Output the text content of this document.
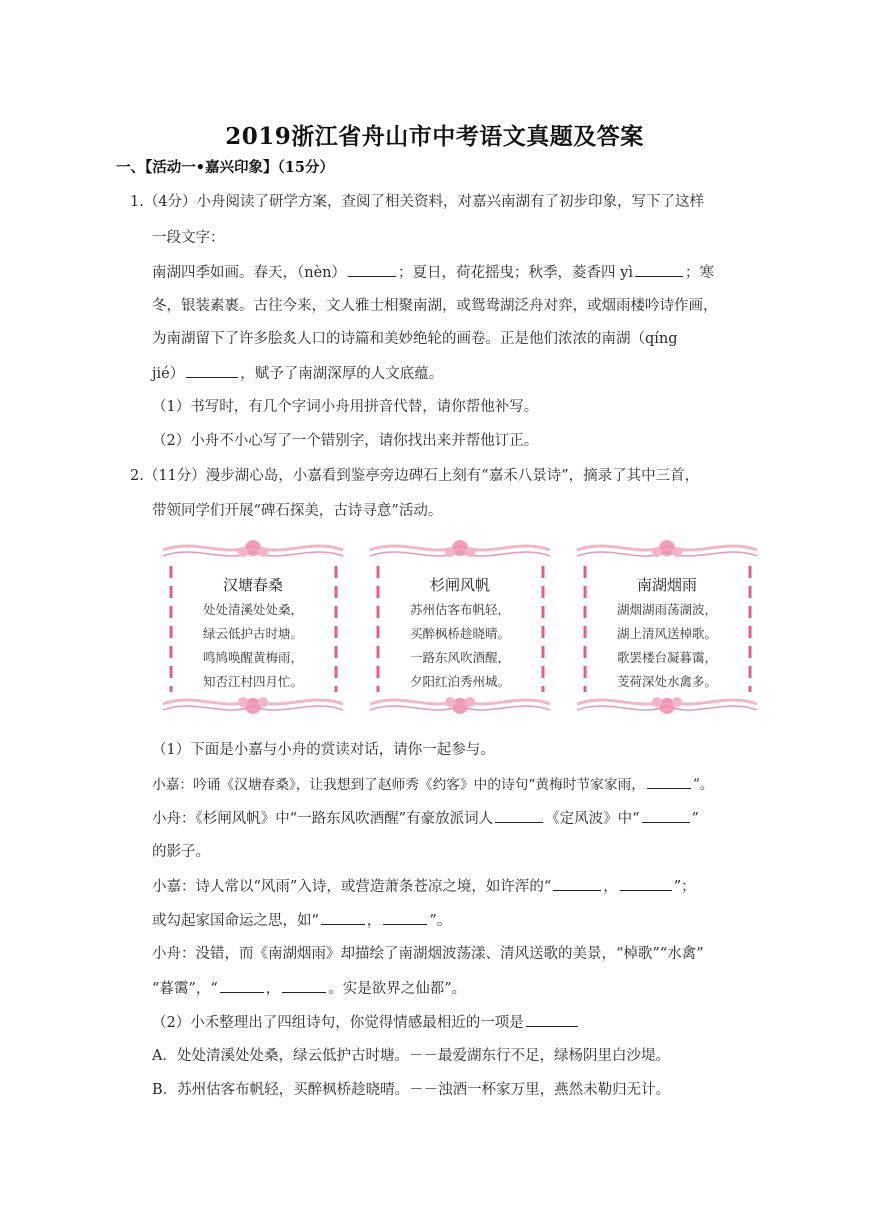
2019浙江省舟山市中考语文真题及答案
一、【活动一•嘉兴印象】（15分）
1.（4分）小舟阅读了研学方案，查阅了相关资料，对嘉兴南湖有了初步印象，写下了这样
一段文字：
南湖四季如画。春天，（nèn）	；夏日，荷花摇曳；秋季，菱香四 yì	；寒
冬，银装素裹。古往今来，文人雅士相聚南湖，或鸳鸯湖泛舟对弈，或烟雨楼吟诗作画，
为南湖留下了许多脍炙人口的诗篇和美妙绝轮的画卷。正是他们浓浓的南湖（qíng
jié）	，赋予了南湖深厚的人文底蕴。
（1）书写时，有几个字词小舟用拼音代替，请你帮他补写。
（2）小舟不小心写了一个错别字，请你找出来并帮他订正。
2.（11分）漫步湖心岛，小嘉看到鉴亭旁边碑石上刻有“嘉禾八景诗”，摘录了其中三首，
带领同学们开展“碑石探美，古诗寻意”活动。
汉塘春桑
处处清溪处处桑，
绿云低护古时塘。
鸣鸠唤醒黄梅雨，
知否江村四月忙。
杉闸风帆
苏州估客布帆轻，
买醉枫桥趁晓晴。
一路东风吹酒醒，
夕阳红泊秀州城。
南湖烟雨
湖烟湖雨荡湖波，
湖上清风送棹歌。
歌罢楼台凝暮霭，
芰荷深处水禽多。
（1）下面是小嘉与小舟的赏读对话，请你一起参与。
小嘉：吟诵《汉塘春桑》，让我想到了赵师秀《约客》中的诗句“黄梅时节家家雨，	”。
小舟：《杉闸风帆》中“一路东风吹酒醒”有豪放派词人	《定风波》中“	”
的影子。
小嘉：诗人常以“风雨”入诗，或营造萧条苍凉之境，如许浑的“	，	”；
或勾起家国命运之思，如“	，	”。
小舟：没错，而《南湖烟雨》却描绘了南湖烟波荡漾、清风送歌的美景，“棹歌”“水禽”
“暮霭”，“	，	。实是欲界之仙都”。
（2）小禾整理出了四组诗句，你觉得情感最相近的一项是
A．处处清溪处处桑，绿云低护古时塘。－－最爱湖东行不足，绿杨阴里白沙堤。
B．苏州估客布帆轻，买醉枫桥趁晓晴。－－浊酒一杯家万里，燕然未勒归无计。
